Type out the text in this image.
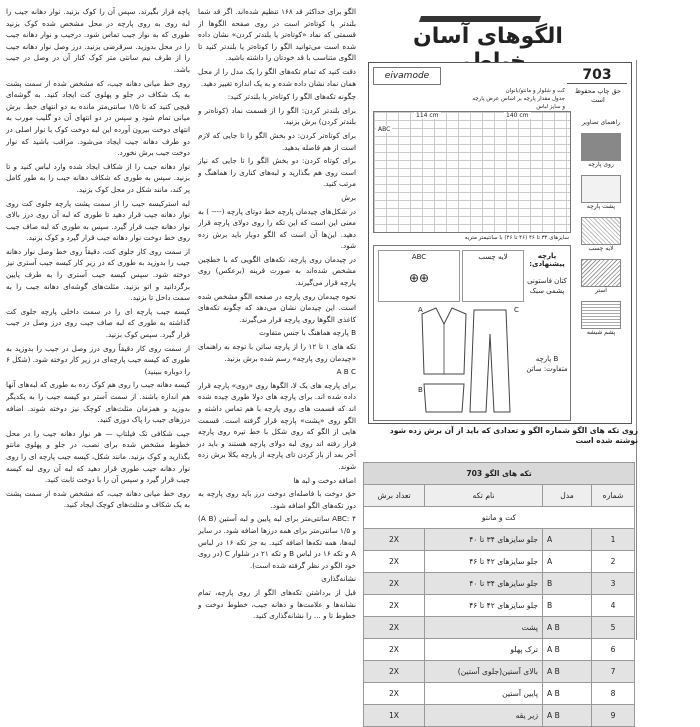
پاچه قرار بگیرند. سپس آن را کوک بزنید. نوار دهانه جیب را لبه روی به روی پارچه در محل مشخص شده کوک بزنید طوری که به نوار جیب تماس شود. درجیب و نوار دهانه جیب را در محل بدوزید. سرقرضی بزنید. درز وصل نوار دهانه جیب را از طرف نیم سانتی متر کوک کنار آن در وصل در جیب باشد.

روی خط میانی دهانه جیب، که مشخص شده از سمت پشت به یک شکاف در جلو و پهلوی کت ایجاد کنید. به گوشه‌ای قیچی کنید که تا ۱/۵ سانتی‌متر مانده به دو انتهای خط. برش میانی تمام شود و سپس در دو انتهای آن دو گلیب مورب به انتهای دوخت بیرون آورده این لبه دوخت کوک با نوار اصلی در دو طرف دهانه جیب ایجاد می‌شود. مراقب باشید که نوار دوخت جیب برش نخورد.

نوار دهانه جیب را از شکاف ایجاد شده وارد لباس کنید و تا بزنید. سپس به طوری که شکاف دهانه جیب را به طور کامل پر کند، مانند شکل در محل کوک بزنید.

لبه استرکیسه جیب را از سمت پشت پارچه جلوی کت روی نوار دهانه جیب قرار دهید تا طوری که لبه آن روی درز بالای نوار دهانه جیب قرار گیرد. سپس به طوری که لبه صاف جیب روی خط دوخت نوار دهانه جیب قرار گیرد و کوک بزنید.

از سمت روی کار جلوی کت، دقیقاً روی خط وصل نوار دهانه جیب را بدوزید به طوری که در زیر کار کیسه جیب آستری نیز دوخته شود. سپس کیسه جیب آستری را به طرف پایین برگردانید و اتو بزنید. مثلث‌های گوشه‌ای دهانه جیب را به سمت داخل تا بزنید.

کیسه جیب پارچه ای را در سمت داخلی پارچه جلوی کت گذاشته به طوری که لبه صاف جیب روی درز وصل در جیب قرار گیرد. سپس کوک بزنید.

از سمت روی کار دقیقاً روی درز وصل در جیب را بدوزید به طوری که کیسه جیب پارچه‌ای در زیر کار دوخته شود. (شکل ۶ را دوباره ببینید)

کیسه دهانه جیب را روی هم کوک زده به طوری که لبه‌های آنها هم اندازه باشند. از سمت آستر دو کیسه جیب را به یکدیگر بدوزید و همزمان مثلث‌های کوچک نیز دوخته شوند. اضافه درزهای جیب را پاک دوزی کنید.

جیب شکافی تک فیلتاپ — هر نوار دهانه جیب را در محل خطوط مشخص شده برای نصب، در جلو و پهلوی مانتو بگذارید و کوک بزنید. مانند شکل، کیسه جیب پارچه ای را روی نوار دهانه جیب طوری قرار دهید که لبه آن روی لبه کیسه جیب قرار گیرد و سپس آن را با دوخت ثابت کنید.

روی خط میانی دهانه جیب، که مشخص شده از سمت پشت به یک شکاف و مثلث‌های کوچک ایجاد کنید.

الگو برای حداکثر قد ۱۶۸ تنظیم شده‌اند. اگر قد شما بلندتر یا کوتاه‌تر است در روی صفحه الگوها از قسمتی که نماد «کوتاه‌تر یا بلندتر کردن» نشان داده شده است می‌توانید الگو را کوتاه‌تر یا بلندتر کنید تا الگوی متناسب با قد خودتان را داشته باشید.

دقت کنید که تمام تکه‌های الگو را یک مدل را از محل همان نماد نشان داده شده و به یک اندازه تغییر دهید.

چگونه تکه‌های الگو را کوتاه‌تر یا بلندتر کنید:

برای بلندتر کردن: الگو را از قسمت نماد (کوتاه‌تر و بلندتر کردن) برش بزنید.

برای کوتاه‌تر کردن: دو بخش الگو را تا جایی که لازم است از هم فاصله بدهید.

برای کوتاه کردن: دو بخش الگو را تا جایی که نیاز است روی هم بگذارید و لبه‌های کناری را هماهنگ و مرتب کنید.

برش

در شکل‌های چیدمان پارچه خط دوتای پارچه (---- ) به معنی این است که این تکه را روی دولای پارچه قرار دهید. این‌ها آن است که الگو دوبار باید برش زده شود.

در چیدمان روی پارچه، تکه‌های الگویی که با خطچین مشخص شده‌اند به صورت قرینه (برعکس) روی پارچه قرار می‌گیرند.

نحوه چیدمان روی پارچه در صفحه الگو مشخص شده است. این چیدمان نشان می‌دهد که چگونه تکه‌های کاغذی الگوها روی پارچه قرار می‌گیرند.

B پارچه هماهنگ با جنس متفاوت

تکه های ۱ تا ۱۲ را از پارچه ساتن با توجه به راهنمای «چیدمان روی پارچه» رسم شده برش بزنید.

A B C

برای پارچه های یک لا، الگوها روی «روی» پارچه قرار داده شده اند. برای پارچه های دولا طوری چیده شده اند که قسمت های روی پارچه با هم تماس داشته و الگو روی «پشت» پارچه قرار گرفته است. قسمت هایی از الگو که روی شکل با خط تیره روی پارچه قرار رفته اند روی لبه دولای پارچه هستند و باید در آخر بعد از باز کردن تای پارچه از پارچه یکلا برش زده شوند.

اضافه دوخت و لبه ها

حق دوخت با فاصله‌ای دوخت درز باید روی پارچه به دور تکه‌های الگو اضافه شود.

ABC: ۴ سانتی‌متر برای لبه پایین و لبه آستین (A B) و ۱/۵ سانتی‌متر برای همه درزها اضافه شود. در سایر لبه‌ها، همه تکه‌ها اضافه کنید. به جز تکه ۱۶ در لباس A و تکه ۱۶ در لباس B و تکه ۲۱ در شلوار C (در روی خود الگو در نظر گرفته شده است).

نشانه‌گذاری

قبل از برداشتن تکه‌های الگو از روی پارچه، تمام نشانه‌ها و علامت‌ها و دهانه جیب، خطوط دوخت و خطوط تا و ... را نشانه‌گذاری کنید.

الگوهای آسان
eivamode	703
حق چاپ محفوظ است
کت و شلوار و مانتو/بانوان
جدول مقدار پارچه بر اساس عرض پارچه
و سایز لباس
114 cm	140 cm
ABC
راهنمای تصاویر
روی پارچه
پشت پارچه
لایه چسب
آستر
پشم شیشه
سایزهای ۳۴ تا ۴۶ (۴۶ تا ۴۶) با سانتیمتر متریه
ABC
⊕⊕
لایه چسب	پارچه پیشنهادی:
کتان فاستونی پشمی سبک
B پارچه متفاوت: ساتن
A
B
C
روی تکه های الگو شماره الگو و تعدادی که باید از آن برش زده شود نوشته شده است
تکه های الگو 703			
شماره	مدل	نام تکه	تعداد برش
کت و مانتو			
1	A	جلو سایزهای ۳۴ تا ۴۰	2X
2	A	جلو سایزهای ۴۲ تا ۴۶	2X
3	B	جلو سایزهای ۳۴ تا ۴۰	2X
4	B	جلو سایزهای ۴۲ تا ۴۶	2X
5	A B	پشت	2X
6	A B	ترک پهلو	2X
7	A B	بالای آستین(جلوی آستین)	2X
8	A B	پایین آستین	2X
9	A B	زیر یقه	1X
